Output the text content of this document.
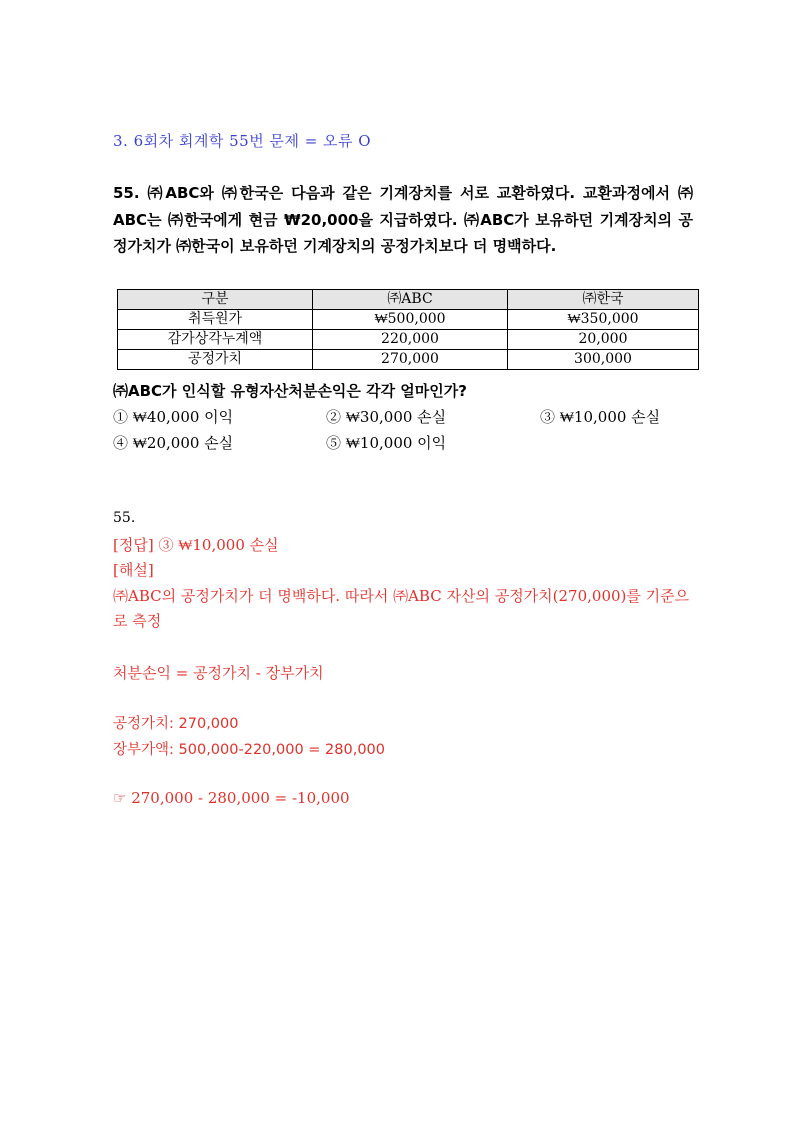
3. 6회차 회계학 55번 문제 = 오류 O
55. ㈜ABC와 ㈜한국은 다음과 같은 기계장치를 서로 교환하였다. 교환과정에서 ㈜ABC는 ㈜한국에게 현금 ₩20,000을 지급하였다. ㈜ABC가 보유하던 기계장치의 공정가치가 ㈜한국이 보유하던 기계장치의 공정가치보다 더 명백하다.
구분	㈜ABC	㈜한국
취득원가	₩500,000	₩350,000
감가상각누계액	220,000	20,000
공정가치	270,000	300,000
㈜ABC가 인식할 유형자산처분손익은 각각 얼마인가?
① ₩40,000 이익	② ₩30,000 손실	③ ₩10,000 손실
④ ₩20,000 손실	⑤ ₩10,000 이익
55.
[정답] ③ ₩10,000 손실
[해설]
㈜ABC의 공정가치가 더 명백하다. 따라서 ㈜ABC 자산의 공정가치(270,000)를 기준으로 측정
처분손익 = 공정가치 - 장부가치
공정가치: 270,000
장부가액: 500,000-220,000 = 280,000
☞ 270,000 - 280,000 = -10,000
